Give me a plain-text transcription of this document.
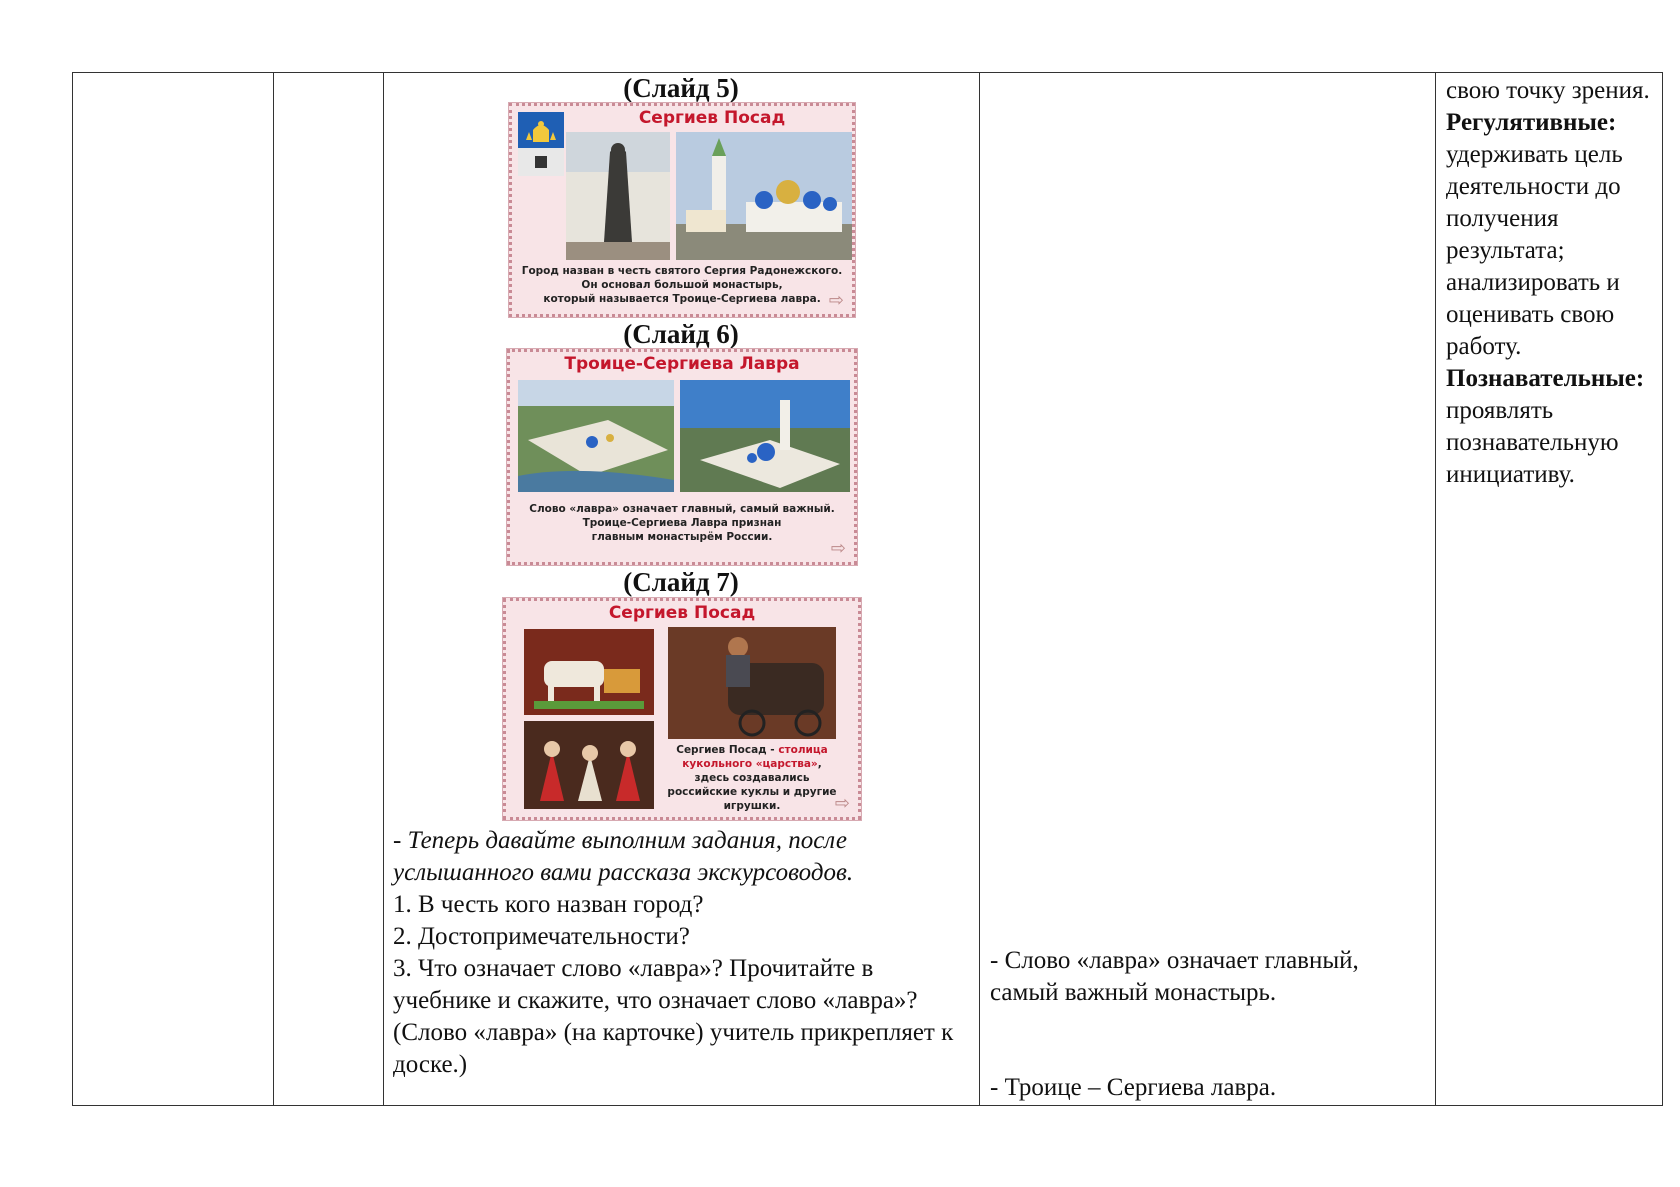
(Слайд 5)
Сергиев Посад
Город назван в честь святого Сергия Радонежского.
Он основал большой монастырь,
который называется Троице-Сергиева лавра. ⇨
(Слайд 6)
Троице-Сергиева Лавра
Слово «лавра» означает главный, самый важный.
Троице-Сергиева Лавра признан
главным монастырём России.
⇨
(Слайд 7)
Сергиев Посад
Сергиев Посад - столица кукольного «царства», здесь создавались российские куклы и другие игрушки.	⇨

- Теперь давайте выполним задания, после услышанного вами рассказа экскурсоводов.

1. В честь кого назван город?

2. Достопримечательности?

3. Что означает слово «лавра»? Прочитайте в учебнике и скажите, что означает слово «лавра»? (Слово «лавра» (на карточке) учитель прикрепляет к доске.)

- Слово «лавра» означает главный, самый важный монастырь.
- Троице – Сергиева лавра.

свою точку зрения.

Регулятивные:

удерживать цель деятельности до получения результата; анализировать и оценивать свою работу.

Познавательные:

проявлять познавательную инициативу.
